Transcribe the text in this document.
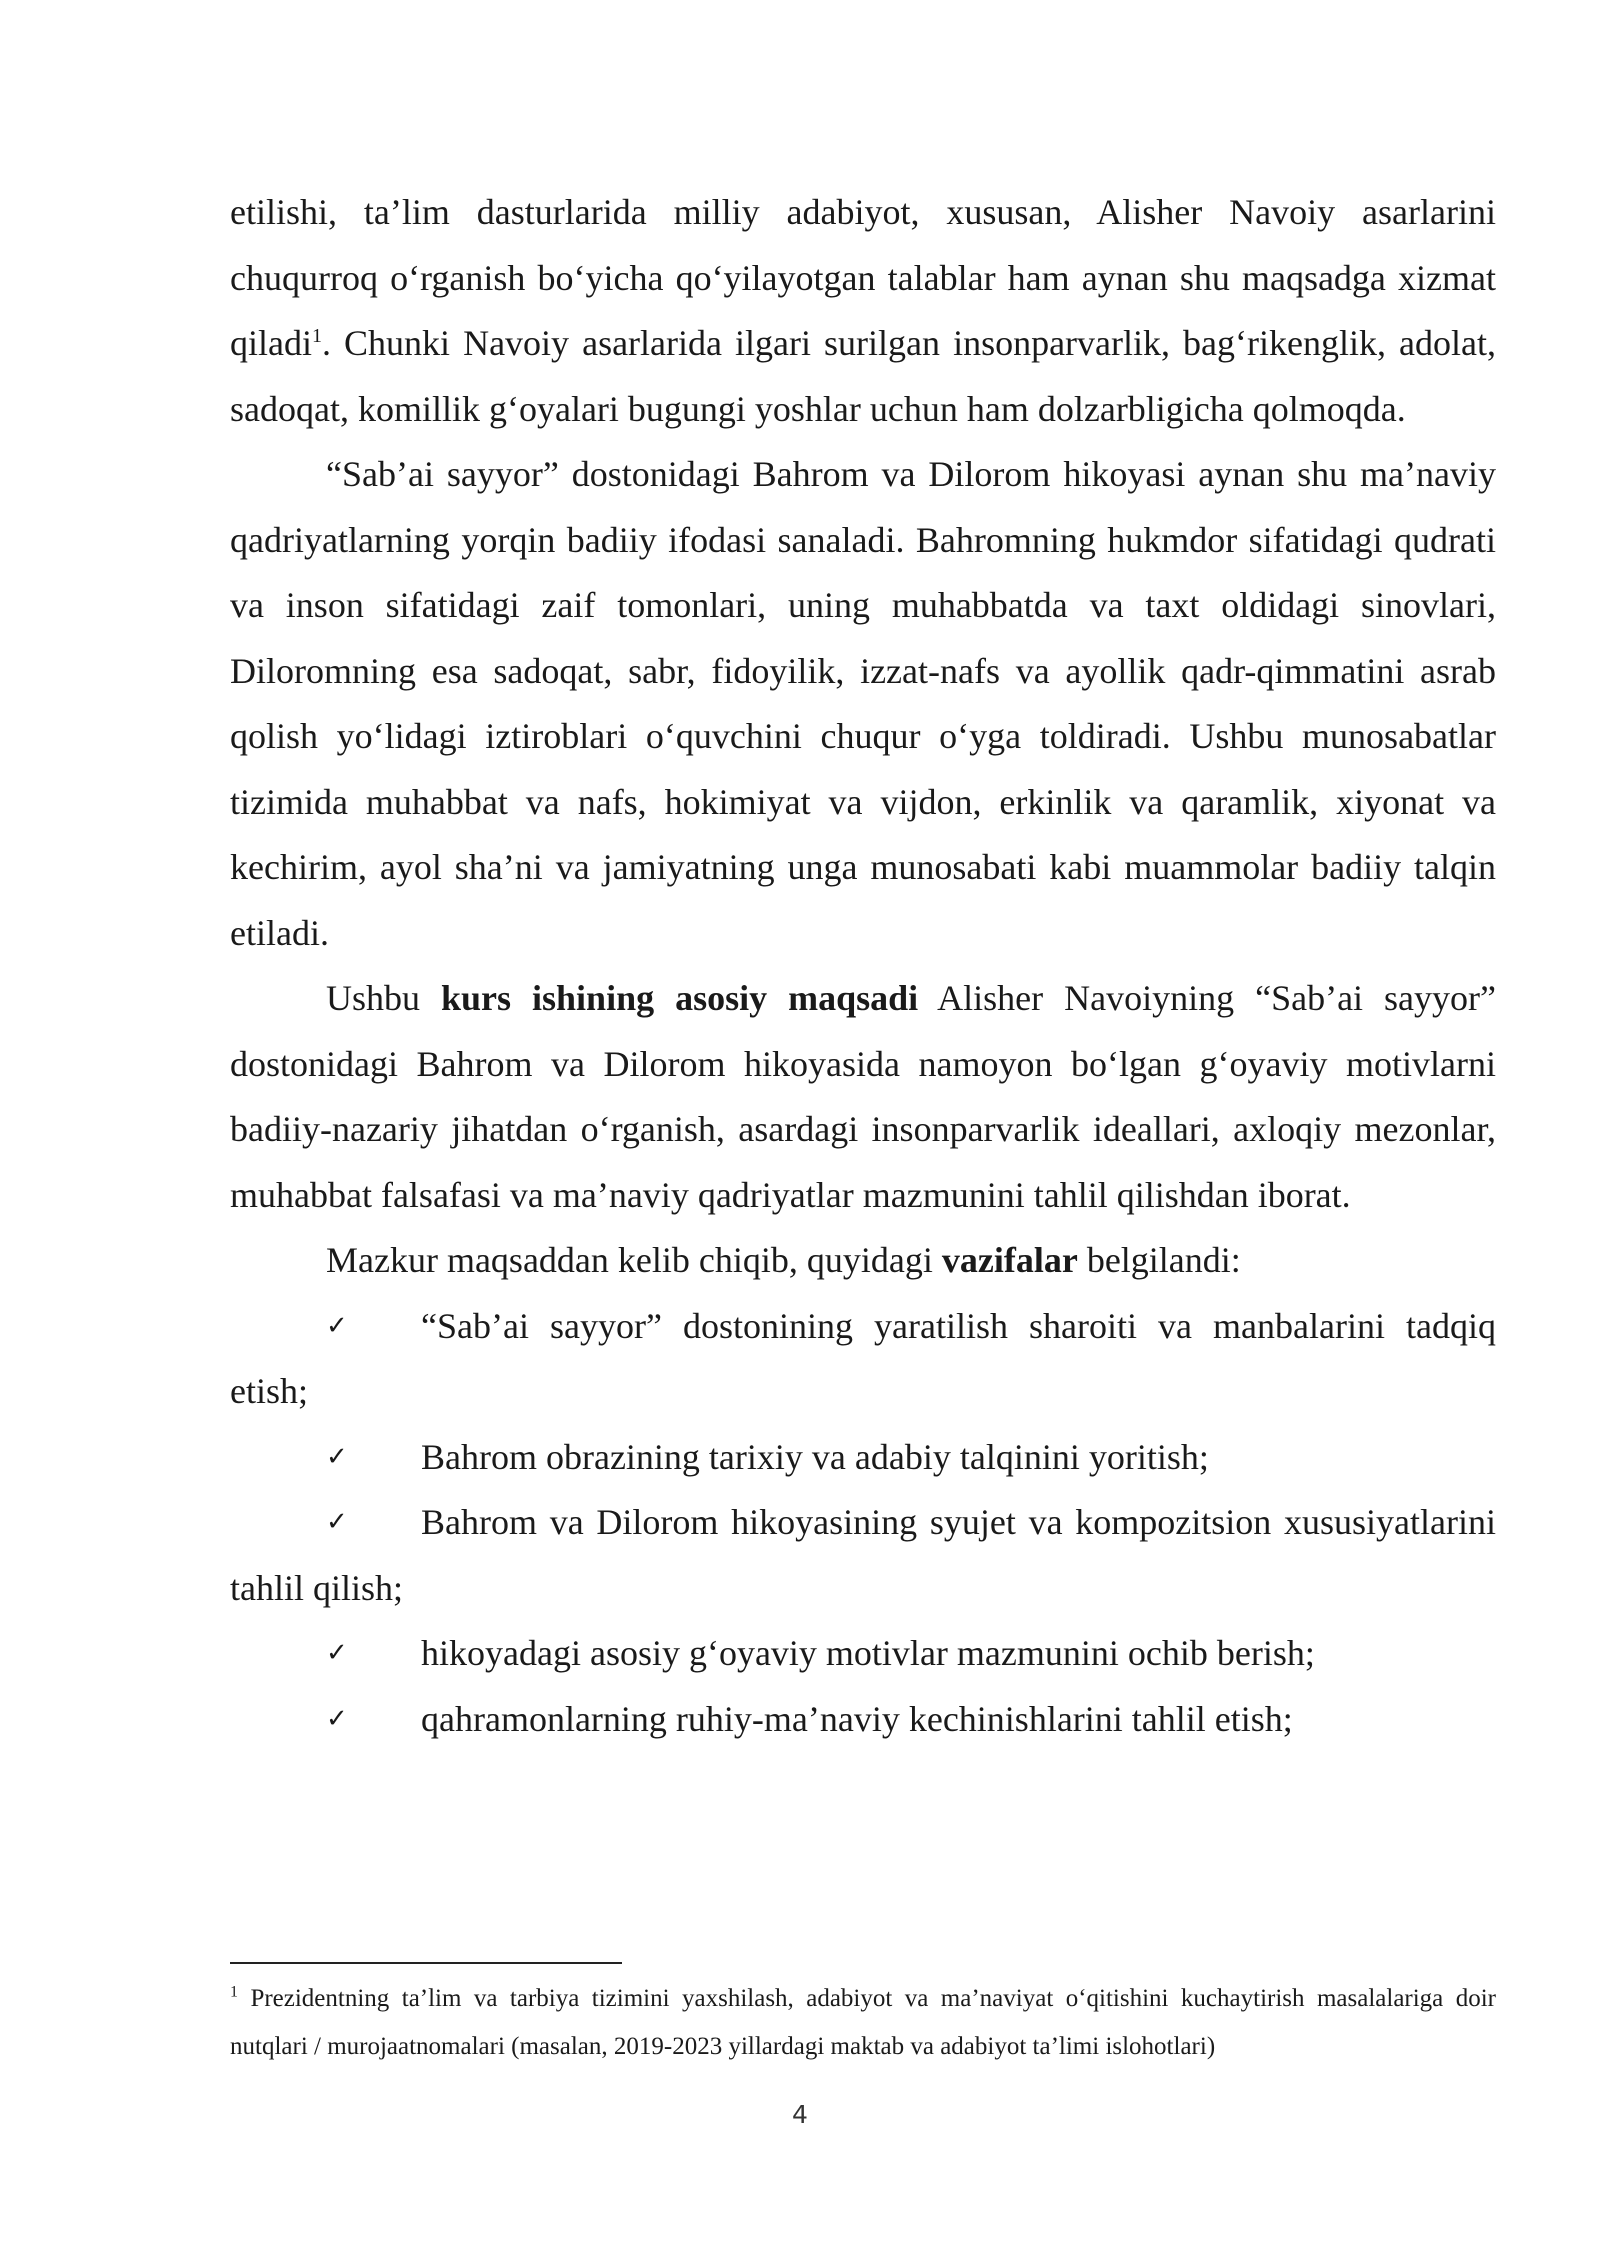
etilishi, ta’lim dasturlarida milliy adabiyot, xususan, Alisher Navoiy asarlarini chuqurroq o‘rganish bo‘yicha qo‘yilayotgan talablar ham aynan shu maqsadga xizmat qiladi$^1$. Chunki Navoiy asarlarida ilgari surilgan insonparvarlik, bag‘rikenglik, adolat, sadoqat, komillik g‘oyalari bugungi yoshlar uchun ham dolzarbligicha qolmoqda.

“Sab’ai sayyor” dostonidagi Bahrom va Dilorom hikoyasi aynan shu ma’naviy qadriyatlarning yorqin badiiy ifodasi sanaladi. Bahromning hukmdor sifatidagi qudrati va inson sifatidagi zaif tomonlari, uning muhabbatda va taxt oldidagi sinovlari, Diloromning esa sadoqat, sabr, fidoyilik, izzat-nafs va ayollik qadr-qimmatini asrab qolish yo‘lidagi iztiroblari o‘quvchini chuqur o‘yga toldiradi. Ushbu munosabatlar tizimida muhabbat va nafs, hokimiyat va vijdon, erkinlik va qaramlik, xiyonat va kechirim, ayol sha’ni va jamiyatning unga munosabati kabi muammolar badiiy talqin etiladi.

Ushbu kurs ishining asosiy maqsadi Alisher Navoiyning “Sab’ai sayyor” dostonidagi Bahrom va Dilorom hikoyasida namoyon bo‘lgan g‘oyaviy motivlarni badiiy-nazariy jihatdan o‘rganish, asardagi insonparvarlik ideallari, axloqiy mezonlar, muhabbat falsafasi va ma’naviy qadriyatlar mazmunini tahlil qilishdan iborat.

Mazkur maqsaddan kelib chiqib, quyidagi vazifalar belgilandi:

✓ “Sab’ai sayyor” dostonining yaratilish sharoiti va manbalarini tadqiq etish;

✓ Bahrom obrazining tarixiy va adabiy talqinini yoritish;

✓ Bahrom va Dilorom hikoyasining syujet va kompozitsion xususiyatlarini tahlil qilish;

✓ hikoyadagi asosiy g‘oyaviy motivlar mazmunini ochib berish;

✓ qahramonlarning ruhiy-ma’naviy kechinishlarini tahlil etish;

$^1$ Prezidentning ta’lim va tarbiya tizimini yaxshilash, adabiyot va ma’naviyat o‘qitishini kuchaytirish masalalariga doir nutqlari / murojaatnomalari (masalan, 2019-2023 yillardagi maktab va adabiyot ta’limi islohotlari)

4
